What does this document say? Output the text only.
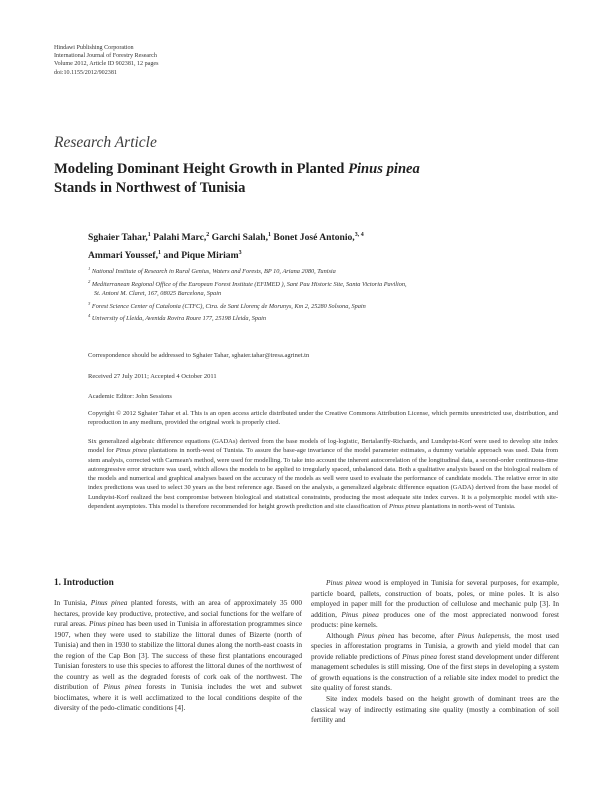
Hindawi Publishing Corporation
International Journal of Forestry Research
Volume 2012, Article ID 902381, 12 pages
doi:10.1155/2012/902381
Research Article
Modeling Dominant Height Growth in Planted Pinus pinea
Stands in Northwest of Tunisia
Sghaier Tahar,$^1$ Palahi Marc,$^2$ Garchi Salah,$^1$ Bonet José Antonio,$^{3, 4}$
Ammari Youssef,$^1$ and Pique Miriam$^3$
$^1$ National Institute of Research in Rural Genius, Waters and Forests, BP 10, Ariana 2080, Tunisia
$^2$ Mediterranean Regional Office of the European Forest Institute (EFIMED ), Sant Pau Historic Site, Santa Victoria Pavilion,
St. Antoni M. Claret, 167, 08025 Barcelona, Spain
$^3$ Forest Science Center of Catalonia (CTFC), Ctra. de Sant Llorenç de Morunys, Km 2, 25280 Solsona, Spain
$^4$ University of Lleida, Avenida Rovira Roure 177, 25198 Lleida, Spain
Correspondence should be addressed to Sghaier Tahar, sghaier.tahar@iresa.agrinet.tn
Received 27 July 2011; Accepted 4 October 2011
Academic Editor: John Sessions
Copyright © 2012 Sghaier Tahar et al. This is an open access article distributed under the Creative Commons Attribution License, which permits unrestricted use, distribution, and reproduction in any medium, provided the original work is properly cited.
Six generalized algebraic difference equations (GADAs) derived from the base models of log-logistic, Bertalanffy-Richards, and Lundqvist-Korf were used to develop site index model for Pinus pinea plantations in north-west of Tunisia. To assure the base-age invariance of the model parameter estimates, a dummy variable approach was used. Data from stem analysis, corrected with Carmean's method, were used for modelling. To take into account the inherent autocorrelation of the longitudinal data, a second-order continuous-time autoregressive error structure was used, which allows the models to be applied to irregularly spaced, unbalanced data. Both a qualitative analysis based on the biological realism of the models and numerical and graphical analyses based on the accuracy of the models as well were used to evaluate the performance of candidate models. The relative error in site index predictions was used to select 30 years as the best reference age. Based on the analysis, a generalized algebraic difference equation (GADA) derived from the base model of Lundqvist-Korf realized the best compromise between biological and statistical constraints, producing the most adequate site index curves. It is a polymorphic model with site-dependent asymptotes. This model is therefore recommended for height growth prediction and site classification of Pinus pinea plantations in north-west of Tunisia.
1. Introduction

In Tunisia, Pinus pinea planted forests, with an area of approximately 35 000 hectares, provide key productive, protective, and social functions for the welfare of rural areas. Pinus pinea has been used in Tunisia in afforestation programmes since 1907, when they were used to stabilize the littoral dunes of Bizerte (north of Tunisia) and then in 1930 to stabilize the littoral dunes along the north-east coasts in the region of the Cap Bon [3]. The success of these first plantations encouraged Tunisian foresters to use this species to afforest the littoral dunes of the northwest of the country as well as the degraded forests of cork oak of the northwest. The distribution of Pinus pinea forests in Tunisia includes the wet and subwet bioclimates, where it is well acclimatized to the local conditions despite of the diversity of the pedo-climatic conditions [4].

Pinus pinea wood is employed in Tunisia for several purposes, for example, particle board, pallets, construction of boats, poles, or mine poles. It is also employed in paper mill for the production of cellulose and mechanic pulp [3]. In addition, Pinus pinea produces one of the most appreciated nonwood forest products: pine kernels.

Although Pinus pinea has become, after Pinus halepensis, the most used species in afforestation programs in Tunisia, a growth and yield model that can provide reliable predictions of Pinus pinea forest stand development under different management schedules is still missing. One of the first steps in developing a system of growth equations is the construction of a reliable site index model to predict the site quality of forest stands.

Site index models based on the height growth of dominant trees are the classical way of indirectly estimating site quality (mostly a combination of soil fertility and
